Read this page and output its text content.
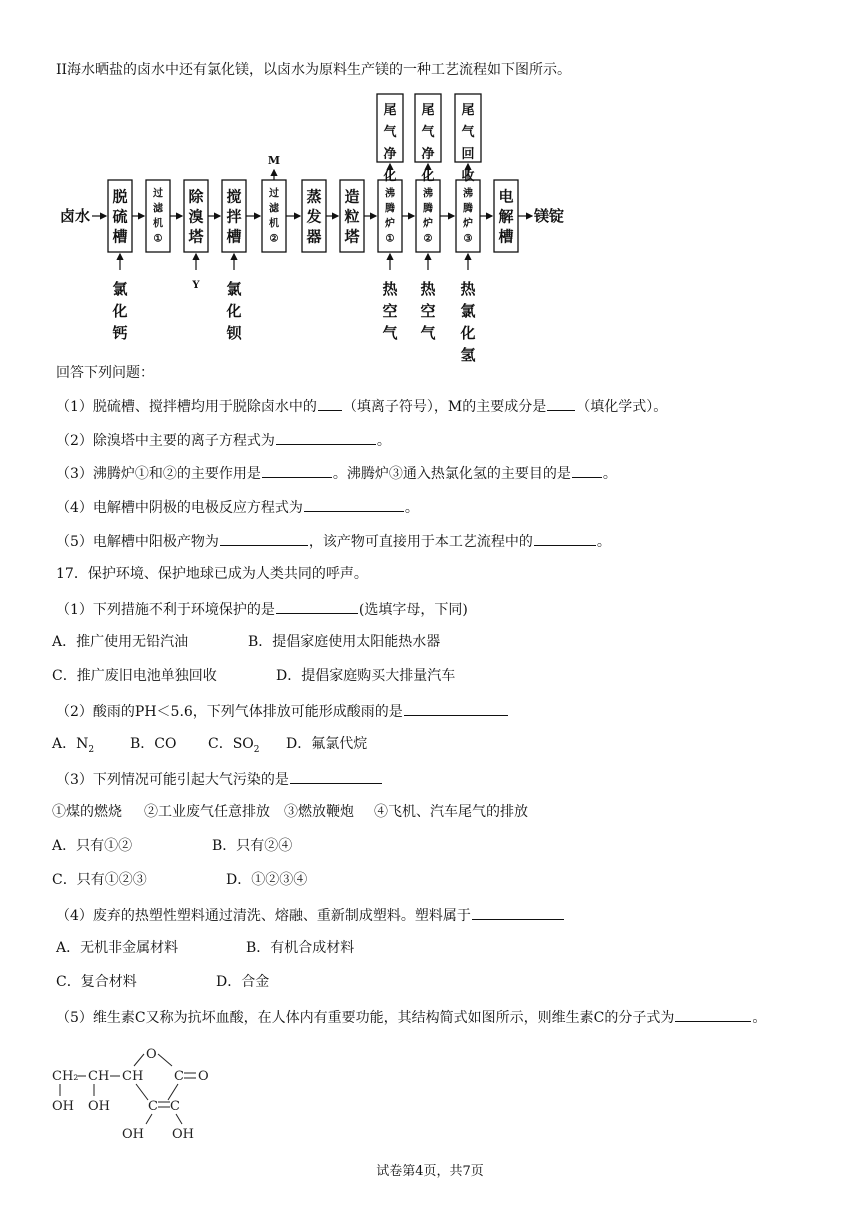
II海水晒盐的卤水中还有氯化镁，以卤水为原料生产镁的一种工艺流程如下图所示。
卤水
脱
硫
槽
过
滤
机
①
除
溴
塔
搅
拌
槽
过
滤
机
②
蒸
发
器
造
粒
塔
沸
腾
炉
①
沸
腾
炉
②
沸
腾
炉
③
电
解
槽
镁锭
尾
气
净
化
尾
气
净
化
尾
气
回
收
M
氯
化
钙
Y 氯
化
钡
热
空
气
热
空
气
热
氯
化
氢
回答下列问题：
（1）脱硫槽、搅拌槽均用于脱除卤水中的 （填离子符号），M的主要成分是 （填化学式）。
（2）除溴塔中主要的离子方程式为	。
（3）沸腾炉①和②的主要作用是	。沸腾炉③通入热氯化氢的主要目的是 。
（4）电解槽中阴极的电极反应方程式为	。
（5）电解槽中阳极产物为	，该产物可直接用于本工艺流程中的	。
17．保护环境、保护地球已成为人类共同的呼声。
（1）下列措施不利于环境保护的是	(选填字母，下同)
A．推广使用无铅汽油	B．提倡家庭使用太阳能热水器
C．推广废旧电池单独回收	D．提倡家庭购买大排量汽车
（2）酸雨的PH＜5.6，下列气体排放可能形成酸雨的是
A．$N_2$	B．CO C．$SO_2$ D．氟氯代烷
（3）下列情况可能引起大气污染的是
①煤的燃烧 ②工业废气任意排放 ③燃放鞭炮 ④飞机、汽车尾气的排放
A．只有①②	B．只有②④
C．只有①②③	D．①②③④
（4）废弃的热塑性塑料通过清洗、熔融、重新制成塑料。塑料属于
A．无机非金属材料	B．有机合成材料
C．复合材料	D．合金
（5）维生素C又称为抗坏血酸，在人体内有重要功能，其结构简式如图所示，则维生素C的分子式为	。
O
CH₂ CH CH C O
OH OH	C C
OH OH
试卷第4页，共7页
